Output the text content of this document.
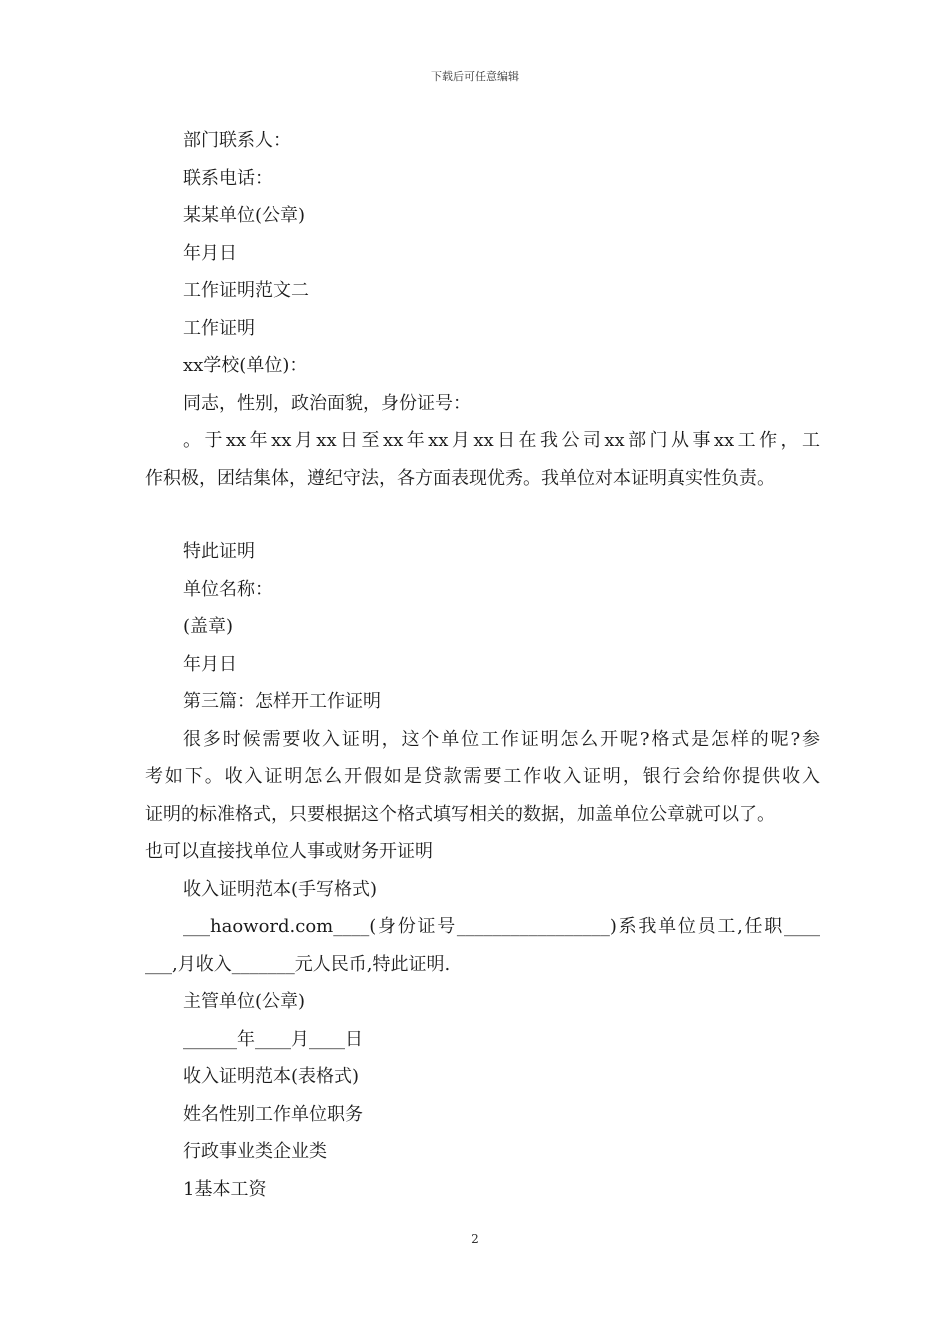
下载后可任意编辑
部门联系人：
联系电话：
某某单位(公章)
年月日
工作证明范文二
工作证明
xx学校(单位)：
同志，性别，政治面貌，身份证号：
。于xx年xx月xx日至xx年xx月xx日在我公司xx部门从事xx工作，工
作积极，团结集体，遵纪守法，各方面表现优秀。我单位对本证明真实性负责。
特此证明
单位名称：
(盖章)
年月日
第三篇：怎样开工作证明
很多时候需要收入证明，这个单位工作证明怎么开呢?格式是怎样的呢?参
考如下。收入证明怎么开假如是贷款需要工作收入证明，银行会给你提供收入
证明的标准格式，只要根据这个格式填写相关的数据，加盖单位公章就可以了。
也可以直接找单位人事或财务开证明
收入证明范本(手写格式)
___haoword.com____(身份证号_________________)系我单位员工,任职____
___,月收入_______元人民币,特此证明.
主管单位(公章)
______年____月____日
收入证明范本(表格式)
姓名性别工作单位职务
行政事业类企业类
1基本工资
2
